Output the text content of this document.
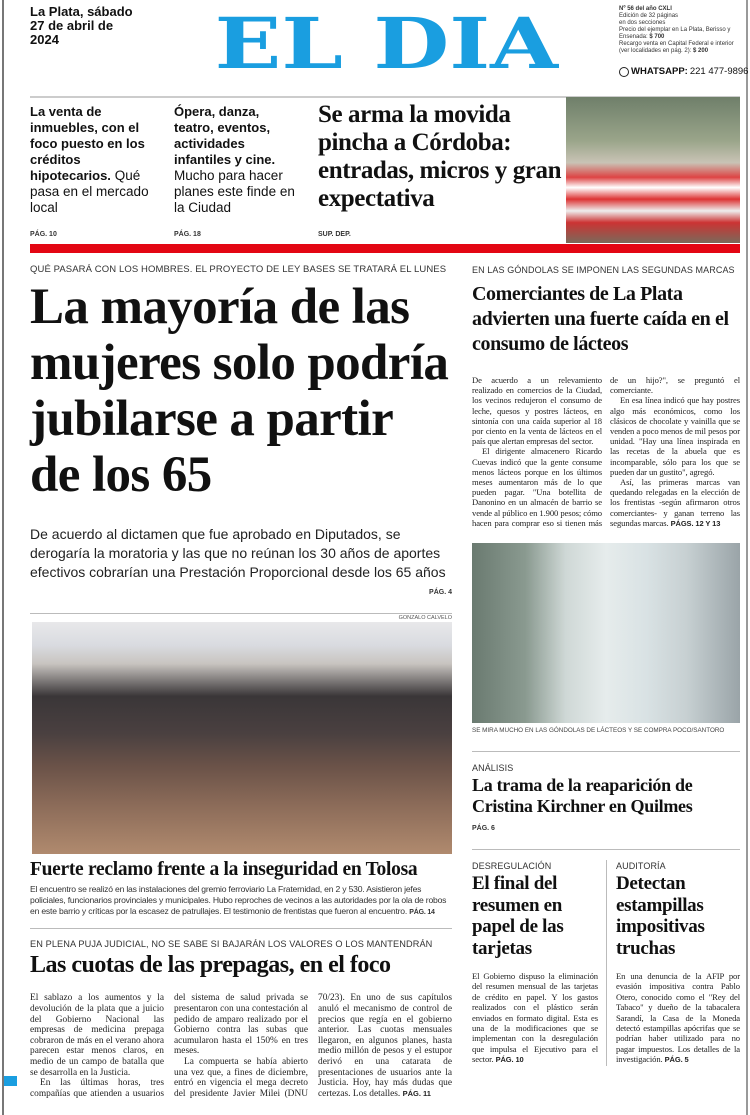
La Plata, sábado 27 de abril de 2024	EL DIA	Nº 56 del año CXLI
Edición de 32 páginas
en dos secciones
Precio del ejemplar en La Plata, Berisso y Ensenada: $ 700
Recargo venta en Capital Federal e interior (ver localidades en pág. 2): $ 200
WHATSAPP: 221 477-9896
La venta de inmuebles, con el foco puesto en los créditos hipotecarios. Qué pasa en el mercado local
PÁG. 10
Ópera, danza, teatro, eventos, actividades infantiles y cine. Mucho para hacer planes este finde en la Ciudad
PÁG. 18
Se arma la movida pincha a Córdoba: entradas, micros y gran expectativa
SUP. DEP.
QUÉ PASARÁ CON LOS HOMBRES. EL PROYECTO DE LEY BASES SE TRATARÁ EL LUNES
La mayoría de las mujeres solo podría jubilarse a partir de los 65
De acuerdo al dictamen que fue aprobado en Diputados, se derogaría la moratoria y las que no reúnan los 30 años de aportes efectivos cobrarían una Prestación Proporcional desde los 65 años
PÁG. 4
GONZALO CALVELO
Fuerte reclamo frente a la inseguridad en Tolosa
El encuentro se realizó en las instalaciones del gremio ferroviario La Fraternidad, en 2 y 530. Asistieron jefes policiales, funcionarios provinciales y municipales. Hubo reproches de vecinos a las autoridades por la ola de robos en este barrio y críticas por la escasez de patrullajes. El testimonio de frentistas que fueron al encuentro. PÁG. 14
EN PLENA PUJA JUDICIAL, NO SE SABE SI BAJARÁN LOS VALORES O LOS MANTENDRÁN
Las cuotas de las prepagas, en el foco

El sablazo a los aumentos y la devolución de la plata que a juicio del Gobierno Nacional las empresas de medicina prepaga cobraron de más en el verano ahora parecen estar menos claros, en medio de un campo de batalla que se desarrolla en la Justicia.

En las últimas horas, tres compañías que atienden a usuarios del sistema de salud privada se presentaron con una contestación al pedido de amparo realizado por el Gobierno contra las subas que acumularon hasta el 150% en tres meses.

La compuerta se había abierto una vez que, a fines de diciembre, entró en vigencia el mega decreto del presidente Javier Milei (DNU 70/23). En uno de sus capítulos anuló el mecanismo de control de precios que regía en el gobierno anterior. Las cuotas mensuales llegaron, en algunos planes, hasta medio millón de pesos y el estupor derivó en una catarata de presentaciones de usuarios ante la Justicia. Hoy, hay más dudas que certezas. Los detalles. PÁG. 11

EN LAS GÓNDOLAS SE IMPONEN LAS SEGUNDAS MARCAS
Comerciantes de La Plata advierten una fuerte caída en el consumo de lácteos

De acuerdo a un relevamiento realizado en comercios de la Ciudad, los vecinos redujeron el consumo de leche, quesos y postres lácteos, en sintonía con una caída superior al 18 por ciento en la venta de lácteos en el país que alertan empresas del sector.

El dirigente almacenero Ricardo Cuevas indicó que la gente consume menos lácteos porque en los últimos meses aumentaron más de lo que pueden pagar. "Una botellita de Danonino en un almacén de barrio se vende al público en 1.900 pesos; cómo hacen para comprar eso si tienen más de un hijo?", se preguntó el comerciante.

En esa línea indicó que hay postres algo más económicos, como los clásicos de chocolate y vainilla que se venden a poco menos de mil pesos por unidad. "Hay una línea inspirada en las recetas de la abuela que es incomparable, sólo para los que se pueden dar un gustito", agregó.

Así, las primeras marcas van quedando relegadas en la elección de los frentistas -según afirmaron otros comerciantes- y ganan terreno las segundas marcas. PÁGS. 12 Y 13

SE MIRA MUCHO EN LAS GÓNDOLAS DE LÁCTEOS Y SE COMPRA POCO/SANTORO
ANÁLISIS
La trama de la reaparición de Cristina Kirchner en Quilmes
PÁG. 6
DESREGULACIÓN
El final del resumen en papel de las tarjetas
El Gobierno dispuso la eliminación del resumen mensual de las tarjetas de crédito en papel. Y los gastos realizados con el plástico serán enviados en formato digital. Esta es una de la modificaciones que se implementan con la desregulación que impulsa el Ejecutivo para el sector. PÁG. 10
AUDITORÍA
Detectan estampillas impositivas truchas
En una denuncia de la AFIP por evasión impositiva contra Pablo Otero, conocido como el "Rey del Tabaco" y dueño de la tabacalera Sarandí, la Casa de la Moneda detectó estampillas apócrifas que se podrían haber utilizado para no pagar impuestos. Los detalles de la investigación. PÁG. 5
